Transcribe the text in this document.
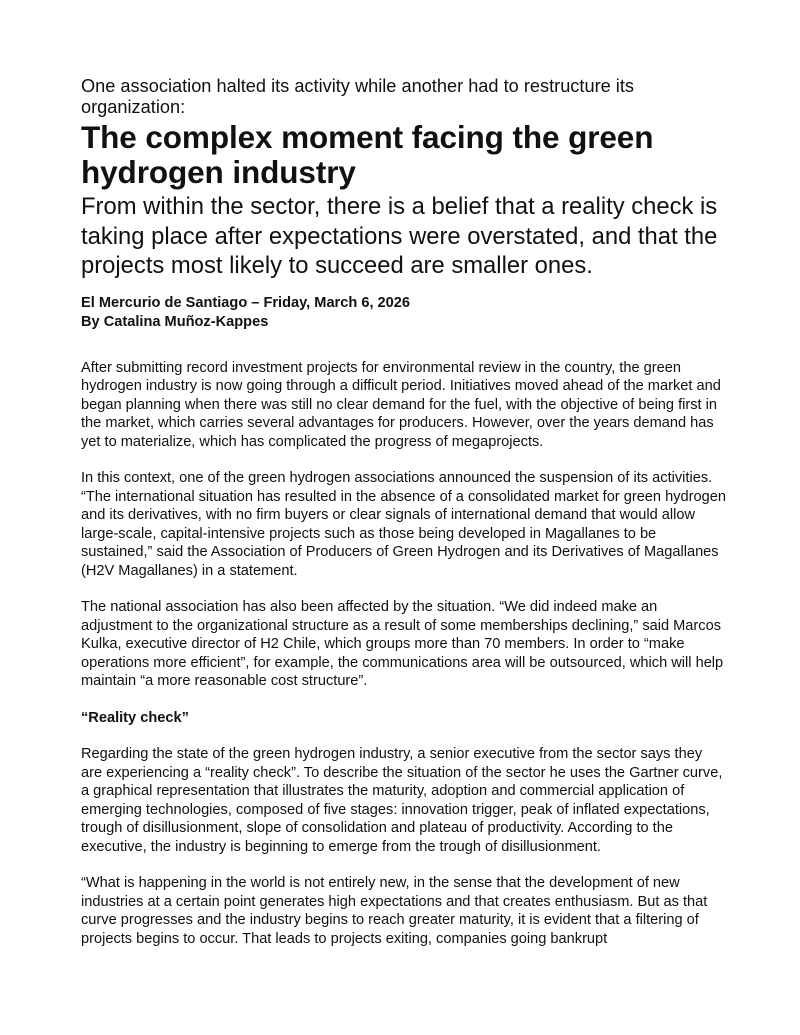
One association halted its activity while another had to restructure its organization:

The complex moment facing the green hydrogen industry

From within the sector, there is a belief that a reality check is taking place after expectations were overstated, and that the projects most likely to succeed are smaller ones.

El Mercurio de Santiago – Friday, March 6, 2026
By Catalina Muñoz-Kappes

After submitting record investment projects for environmental review in the country, the green hydrogen industry is now going through a difficult period. Initiatives moved ahead of the market and began planning when there was still no clear demand for the fuel, with the objective of being first in the market, which carries several advantages for producers. However, over the years demand has yet to materialize, which has complicated the progress of megaprojects.

In this context, one of the green hydrogen associations announced the suspension of its activities. “The international situation has resulted in the absence of a consolidated market for green hydrogen and its derivatives, with no firm buyers or clear signals of international demand that would allow large-scale, capital-intensive projects such as those being developed in Magallanes to be sustained,” said the Association of Producers of Green Hydrogen and its Derivatives of Magallanes (H2V Magallanes) in a statement.

The national association has also been affected by the situation. “We did indeed make an adjustment to the organizational structure as a result of some memberships declining,” said Marcos Kulka, executive director of H2 Chile, which groups more than 70 members. In order to “make operations more efficient”, for example, the communications area will be outsourced, which will help maintain “a more reasonable cost structure”.

“Reality check”

Regarding the state of the green hydrogen industry, a senior executive from the sector says they are experiencing a “reality check”. To describe the situation of the sector he uses the Gartner curve, a graphical representation that illustrates the maturity, adoption and commercial application of emerging technologies, composed of five stages: innovation trigger, peak of inflated expectations, trough of disillusionment, slope of consolidation and plateau of productivity. According to the executive, the industry is beginning to emerge from the trough of disillusionment.

“What is happening in the world is not entirely new, in the sense that the development of new industries at a certain point generates high expectations and that creates enthusiasm. But as that curve progresses and the industry begins to reach greater maturity, it is evident that a filtering of projects begins to occur. That leads to projects exiting, companies going bankrupt
